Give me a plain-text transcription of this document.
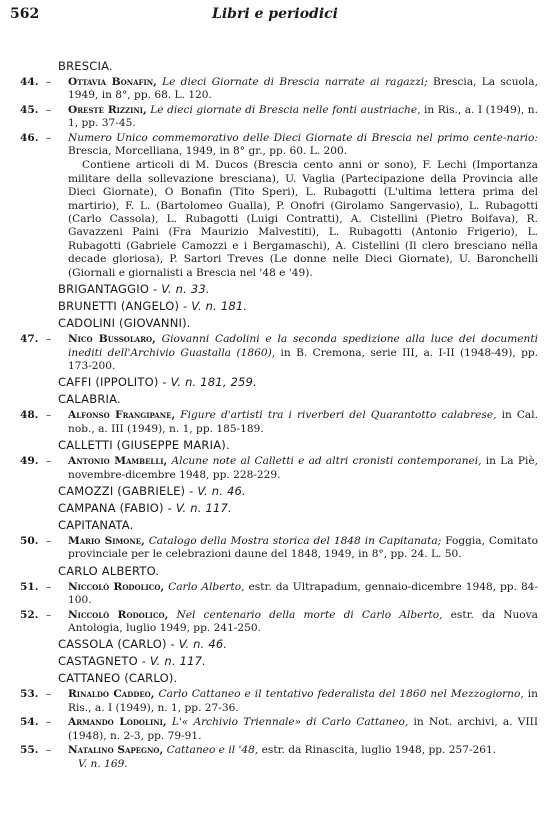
562	Libri e periodici
BRESCIA.
44. – Ottavia Bonafin, Le dieci Giornate di Brescia narrate ai ragazzi; Brescia, La scuola, 1949, in 8°, pp. 68. L. 120.
45. – Oreste Rizzini, Le dieci giornate di Brescia nelle fonti austriache, in Ris., a. I (1949), n. 1, pp. 37-45.
46. – Numero Unico commemorativo delle Dieci Giornate di Brescia nel primo cente-nario: Brescia, Morcelliana, 1949, in 8° gr., pp. 60. L. 200.
Contiene articoli di M. Ducos (Brescia cento anni or sono), F. Lechi (Importanza militare della sollevazione bresciana), U. Vaglia (Partecipazione della Provincia alle Dieci Giornate), O Bonafin (Tito Speri), L. Rubagotti (L'ultima lettera prima del martirio), F. L. (Bartolomeo Gualla), P. Onofri (Girolamo Sangervasio), L. Rubagotti (Carlo Cassola), L. Rubagotti (Luigi Contratti), A. Cistellini (Pietro Boifava), R. Gavazzeni Paini (Fra Maurizio Malvestiti), L. Rubagotti (Antonio Frigerio), L. Rubagotti (Gabriele Camozzi e i Bergamaschi), A. Cistellini (Il clero bresciano nella decade gloriosa), P. Sartori Treves (Le donne nelle Dieci Giornate), U. Baronchelli (Giornali e giornalisti a Brescia nel '48 e '49).
BRIGANTAGGIO - V. n. 33.
BRUNETTI (ANGELO) - V. n. 181.
CADOLINI (GIOVANNI).
47. – Nico Bussolaro, Giovanni Cadolini e la seconda spedizione alla luce dei documenti inediti dell'Archivio Guastalla (1860), in B. Cremona, serie III, a. I-II (1948-49), pp. 173-200.
CAFFI (IPPOLITO) - V. n. 181, 259.
CALABRIA.
48. – Alfonso Frangipane, Figure d'artisti tra i riverberi del Quarantotto calabrese, in Cal. nob., a. III (1949), n. 1, pp. 185-189.
CALLETTI (GIUSEPPE MARIA).
49. – Antonio Mambelli, Alcune note al Calletti e ad altri cronisti contemporanei, in La Piè, novembre-dicembre 1948, pp. 228-229.
CAMOZZI (GABRIELE) - V. n. 46.
CAMPANA (FABIO) - V. n. 117.
CAPITANATA.
50. – Mario Simone, Catalogo della Mostra storica del 1848 in Capitanata; Foggia, Comitato provinciale per le celebrazioni daune del 1848, 1949, in 8°, pp. 24. L. 50.
CARLO ALBERTO.
51. – Niccolò Rodolico, Carlo Alberto, estr. da Ultrapadum, gennaio-dicembre 1948, pp. 84-100.
52. – Niccolò Rodolico, Nel centenario della morte di Carlo Alberto, estr. da Nuova Antologia, luglio 1949, pp. 241-250.
CASSOLA (CARLO) - V. n. 46.
CASTAGNETO - V. n. 117.
CATTANEO (CARLO).
53. – Rinaldo Caddeo, Carlo Cattaneo e il tentativo federalista del 1860 nel Mezzogiorno, in Ris., a. I (1949), n. 1, pp. 27-36.
54. – Armando Lodolini, L'« Archivio Triennale» di Carlo Cattaneo, in Not. archivi, a. VIII (1948), n. 2-3, pp. 79-91.
55. – Natalino Sapegno, Cattaneo e il '48, estr. da Rinascita, luglio 1948, pp. 257-261.
V. n. 169.
